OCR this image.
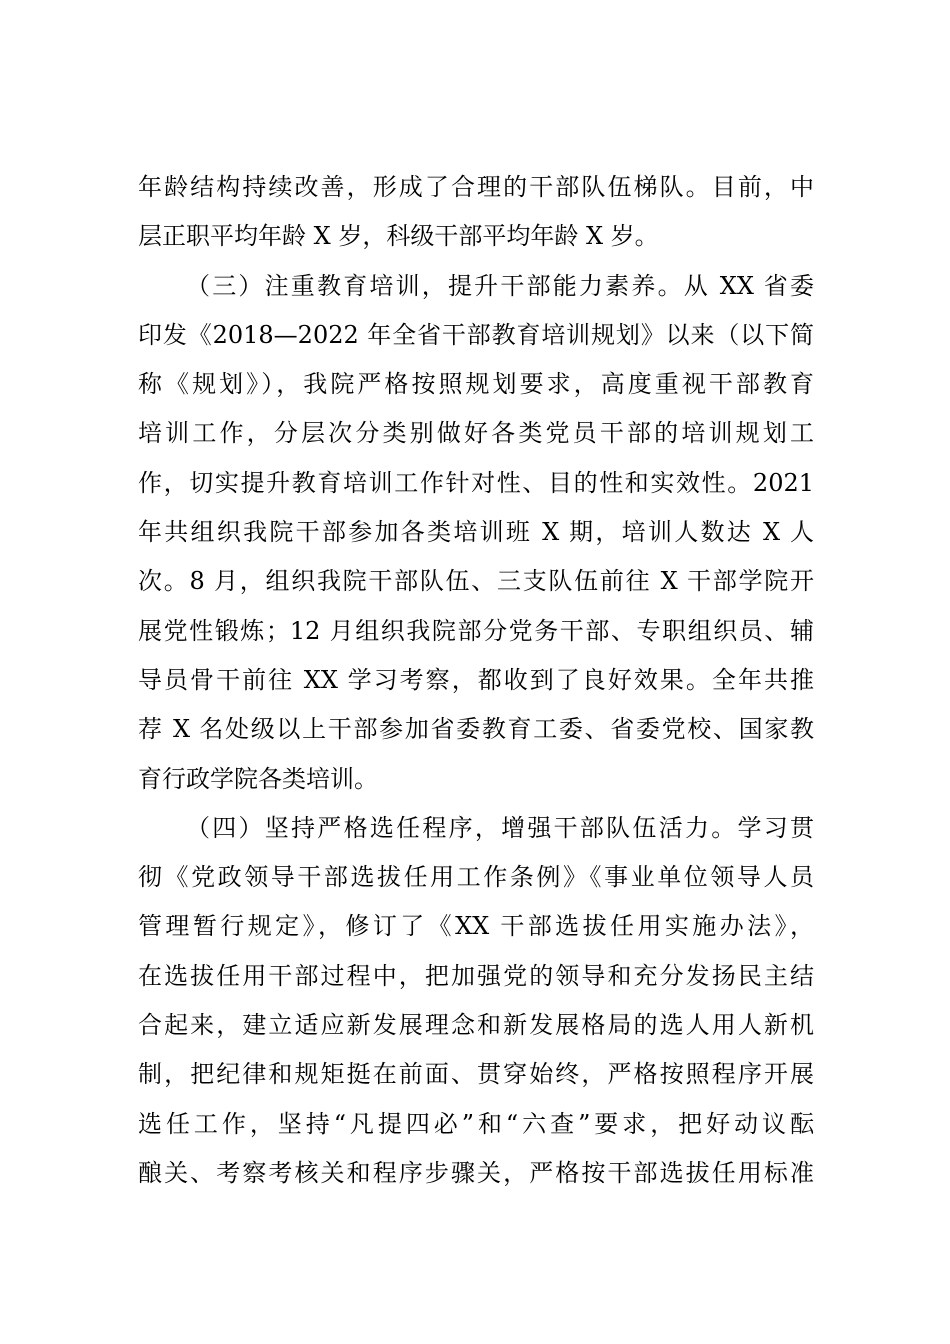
年龄结构持续改善，形成了合理的干部队伍梯队。目前，中
层正职平均年龄 X 岁，科级干部平均年龄 X 岁。
（三）注重教育培训，提升干部能力素养。从 XX 省委
印发《2018—2022 年全省干部教育培训规划》以来（以下简
称《规划》），我院严格按照规划要求，高度重视干部教育
培训工作，分层次分类别做好各类党员干部的培训规划工
作，切实提升教育培训工作针对性、目的性和实效性。2021
年共组织我院干部参加各类培训班 X 期，培训人数达 X 人
次。8 月，组织我院干部队伍、三支队伍前往 X 干部学院开
展党性锻炼；12 月组织我院部分党务干部、专职组织员、辅
导员骨干前往 XX 学习考察，都收到了良好效果。全年共推
荐 X 名处级以上干部参加省委教育工委、省委党校、国家教
育行政学院各类培训。
（四）坚持严格选任程序，增强干部队伍活力。学习贯
彻《党政领导干部选拔任用工作条例》《事业单位领导人员
管理暂行规定》，修订了《XX 干部选拔任用实施办法》，
在选拔任用干部过程中，把加强党的领导和充分发扬民主结
合起来，建立适应新发展理念和新发展格局的选人用人新机
制，把纪律和规矩挺在前面、贯穿始终，严格按照程序开展
选任工作，坚持“凡提四必”和“六查”要求，把好动议酝
酿关、考察考核关和程序步骤关，严格按干部选拔任用标准
